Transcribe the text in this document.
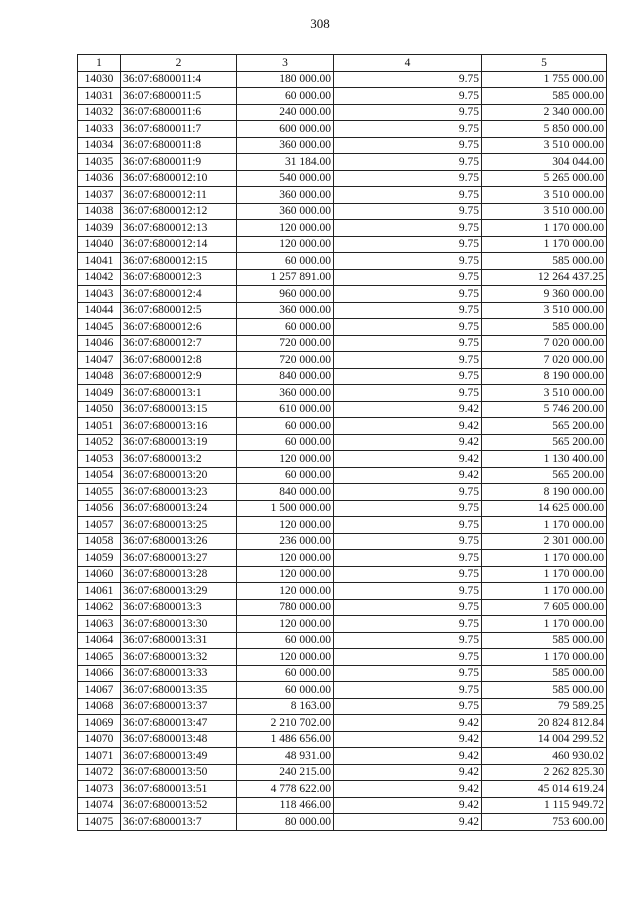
308
1	2	3	4	5
14030	36:07:6800011:4	180 000.00	9.75	1 755 000.00
14031	36:07:6800011:5	60 000.00	9.75	585 000.00
14032	36:07:6800011:6	240 000.00	9.75	2 340 000.00
14033	36:07:6800011:7	600 000.00	9.75	5 850 000.00
14034	36:07:6800011:8	360 000.00	9.75	3 510 000.00
14035	36:07:6800011:9	31 184.00	9.75	304 044.00
14036	36:07:6800012:10	540 000.00	9.75	5 265 000.00
14037	36:07:6800012:11	360 000.00	9.75	3 510 000.00
14038	36:07:6800012:12	360 000.00	9.75	3 510 000.00
14039	36:07:6800012:13	120 000.00	9.75	1 170 000.00
14040	36:07:6800012:14	120 000.00	9.75	1 170 000.00
14041	36:07:6800012:15	60 000.00	9.75	585 000.00
14042	36:07:6800012:3	1 257 891.00	9.75	12 264 437.25
14043	36:07:6800012:4	960 000.00	9.75	9 360 000.00
14044	36:07:6800012:5	360 000.00	9.75	3 510 000.00
14045	36:07:6800012:6	60 000.00	9.75	585 000.00
14046	36:07:6800012:7	720 000.00	9.75	7 020 000.00
14047	36:07:6800012:8	720 000.00	9.75	7 020 000.00
14048	36:07:6800012:9	840 000.00	9.75	8 190 000.00
14049	36:07:6800013:1	360 000.00	9.75	3 510 000.00
14050	36:07:6800013:15	610 000.00	9.42	5 746 200.00
14051	36:07:6800013:16	60 000.00	9.42	565 200.00
14052	36:07:6800013:19	60 000.00	9.42	565 200.00
14053	36:07:6800013:2	120 000.00	9.42	1 130 400.00
14054	36:07:6800013:20	60 000.00	9.42	565 200.00
14055	36:07:6800013:23	840 000.00	9.75	8 190 000.00
14056	36:07:6800013:24	1 500 000.00	9.75	14 625 000.00
14057	36:07:6800013:25	120 000.00	9.75	1 170 000.00
14058	36:07:6800013:26	236 000.00	9.75	2 301 000.00
14059	36:07:6800013:27	120 000.00	9.75	1 170 000.00
14060	36:07:6800013:28	120 000.00	9.75	1 170 000.00
14061	36:07:6800013:29	120 000.00	9.75	1 170 000.00
14062	36:07:6800013:3	780 000.00	9.75	7 605 000.00
14063	36:07:6800013:30	120 000.00	9.75	1 170 000.00
14064	36:07:6800013:31	60 000.00	9.75	585 000.00
14065	36:07:6800013:32	120 000.00	9.75	1 170 000.00
14066	36:07:6800013:33	60 000.00	9.75	585 000.00
14067	36:07:6800013:35	60 000.00	9.75	585 000.00
14068	36:07:6800013:37	8 163.00	9.75	79 589.25
14069	36:07:6800013:47	2 210 702.00	9.42	20 824 812.84
14070	36:07:6800013:48	1 486 656.00	9.42	14 004 299.52
14071	36:07:6800013:49	48 931.00	9.42	460 930.02
14072	36:07:6800013:50	240 215.00	9.42	2 262 825.30
14073	36:07:6800013:51	4 778 622.00	9.42	45 014 619.24
14074	36:07:6800013:52	118 466.00	9.42	1 115 949.72
14075	36:07:6800013:7	80 000.00	9.42	753 600.00
